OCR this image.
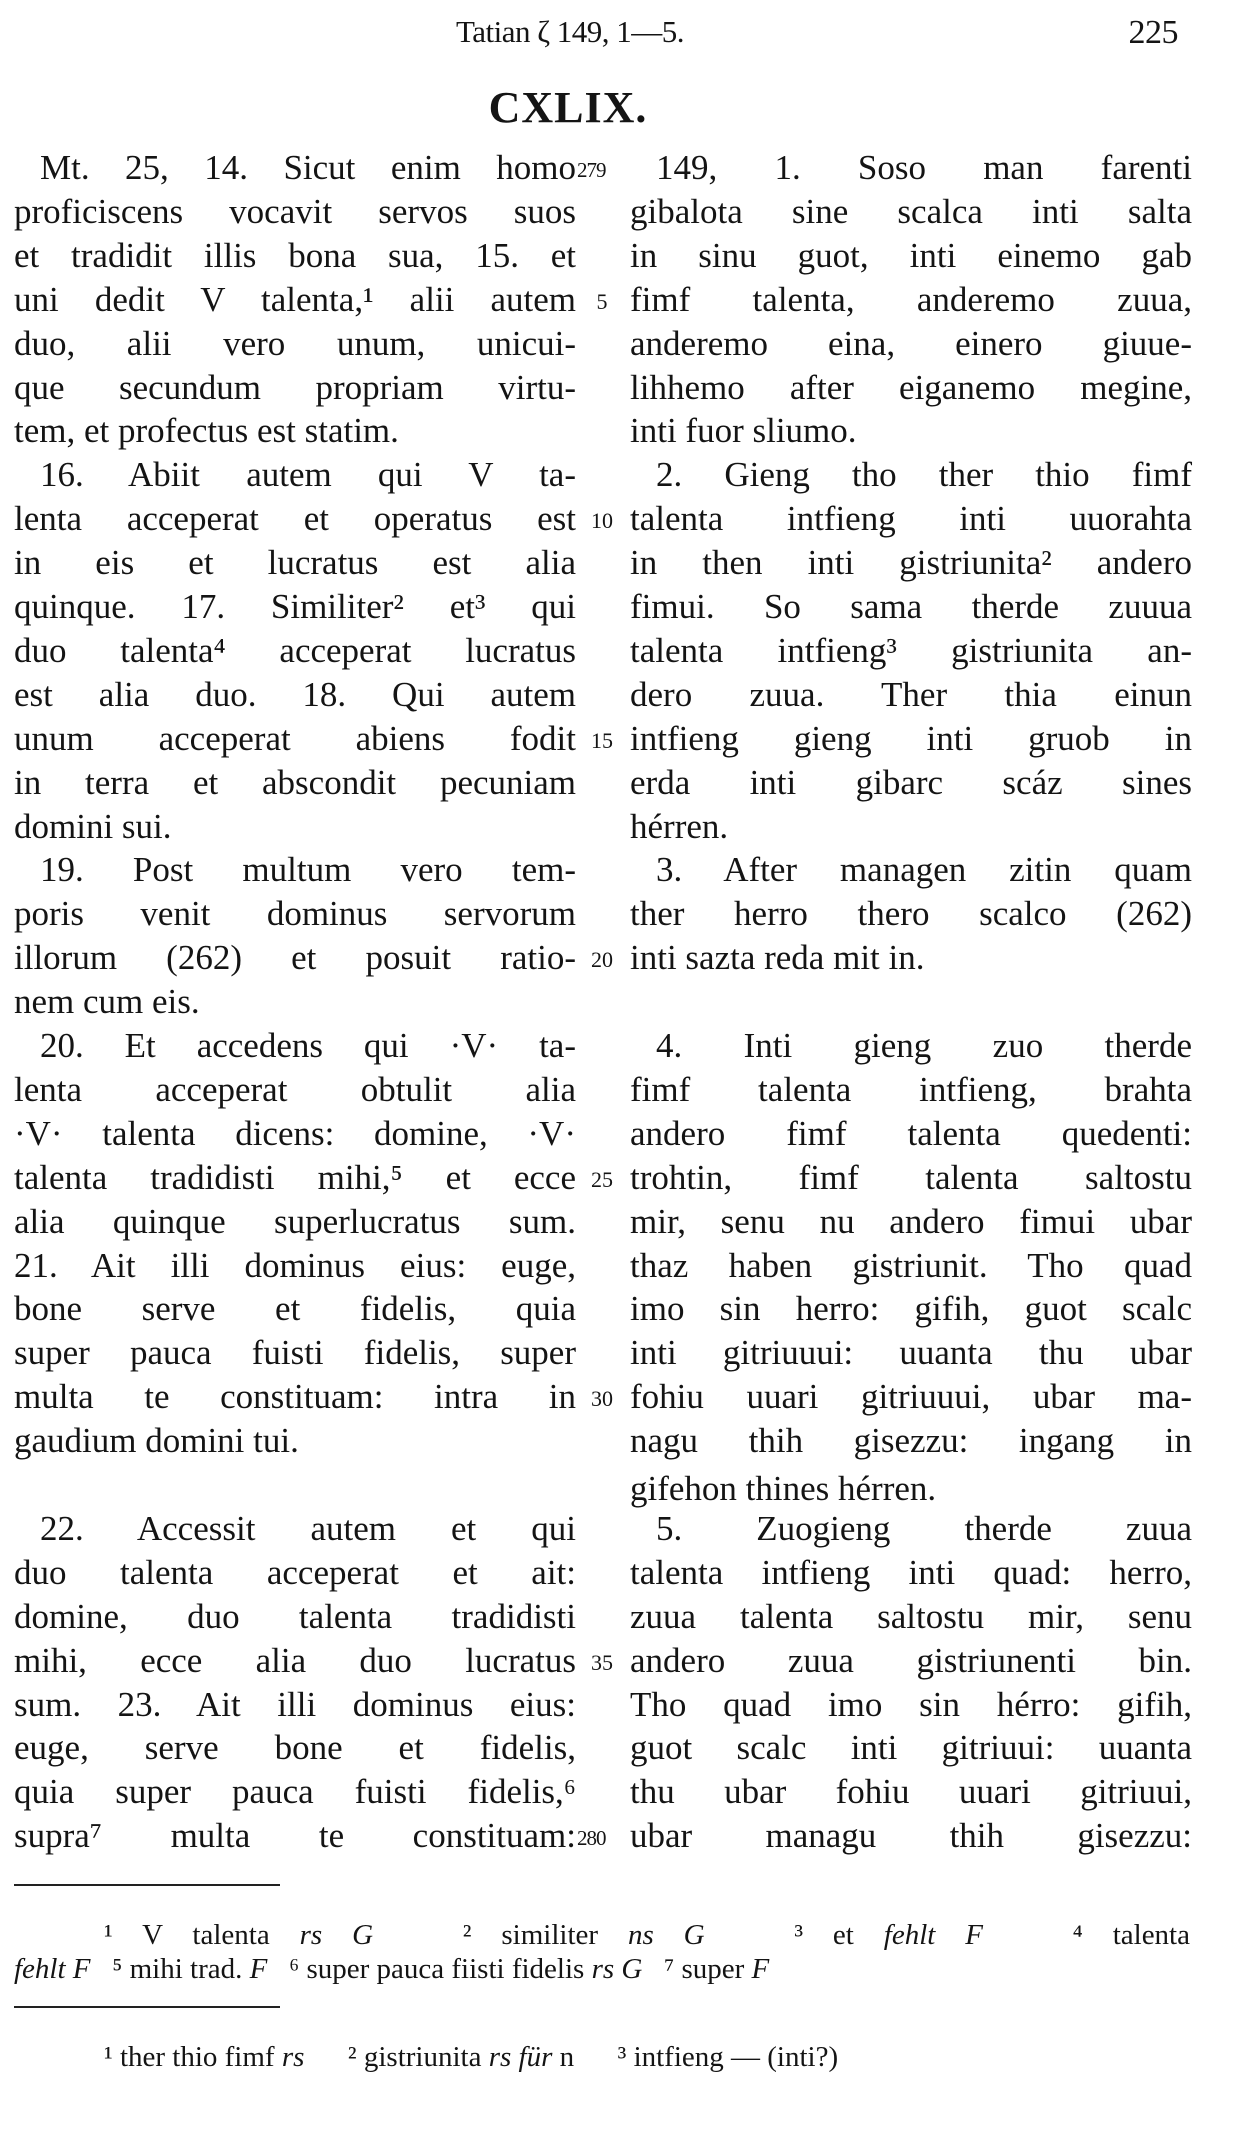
Tatian ζ 149, 1—5.	225
CXLIX.
Mt. 25, 14. Sicut enim homo
proficiscens vocavit servos suos
et tradidit illis bona sua, 15. et
uni dedit V talenta,¹ alii autem
duo, alii vero unum, unicui-
que secundum propriam virtu-
tem, et profectus est statim.
16. Abiit autem qui V ta-
lenta acceperat et operatus est
in eis et lucratus est alia
quinque. 17. Similiter² et³ qui
duo talenta⁴ acceperat lucratus
est alia duo. 18. Qui autem
unum acceperat abiens fodit
in terra et abscondit pecuniam
domini sui.
19. Post multum vero tem-
poris venit dominus servorum
illorum (262) et posuit ratio-
nem cum eis.
20. Et accedens qui ·V· ta-
lenta acceperat obtulit alia
·V· talenta dicens: domine, ·V·
talenta tradidisti mihi,⁵ et ecce
alia quinque superlucratus sum.
21. Ait illi dominus eius: euge,
bone serve et fidelis, quia
super pauca fuisti fidelis, super
multa te constituam: intra in
gaudium domini tui.
22. Accessit autem et qui
duo talenta acceperat et ait:
domine, duo talenta tradidisti
mihi, ecce alia duo lucratus
sum. 23. Ait illi dominus eius:
euge, serve bone et fidelis,
quia super pauca fuisti fidelis,⁶
supra⁷ multa te constituam:
149, 1. Soso man farenti
gibalota sine scalca inti salta
in sinu guot, inti einemo gab
fimf talenta, anderemo zuua,
anderemo eina, einero giuue-
lihhemo after eiganemo megine,
inti fuor sliumo.
2. Gieng tho ther thio fimf
talenta intfieng inti uuorahta
in then inti gistriunita² andero
fimui. So sama therde zuuua
talenta intfieng³ gistriunita an-
dero zuua. Ther thia einun
intfieng gieng inti gruob in
erda inti gibarc scáz sines
hérren.
3. After managen zitin quam
ther herro thero scalco (262)
inti sazta reda mit in.
4. Inti gieng zuo therde
fimf talenta intfieng, brahta
andero fimf talenta quedenti:
trohtin, fimf talenta saltostu
mir, senu nu andero fimui ubar
thaz haben gistriunit. Tho quad
imo sin herro: gifih, guot scalc
inti gitriuuui: uuanta thu ubar
fohiu uuari gitriuuui, ubar ma-
nagu thih gisezzu: ingang in
gifehon thines hérren.
5. Zuogieng therde zuua
talenta intfieng inti quad: herro,
zuua talenta saltostu mir, senu
andero zuua gistriunenti bin.
Tho quad imo sin hérro: gifih,
guot scalc inti gitriuui: uuanta
thu ubar fohiu uuari gitriuui,
ubar managu thih gisezzu:
5
10
15
20
25
30
35
279
280
¹ V talenta rs G   ² similiter ns G   ³ et fehlt F   ⁴ talenta
fehlt F   ⁵ mihi trad. F   ⁶ super pauca fiisti fidelis rs G   ⁷ super F
¹ ther thio fimf rs      ² gistriunita rs für n      ³ intfieng — (inti?)
